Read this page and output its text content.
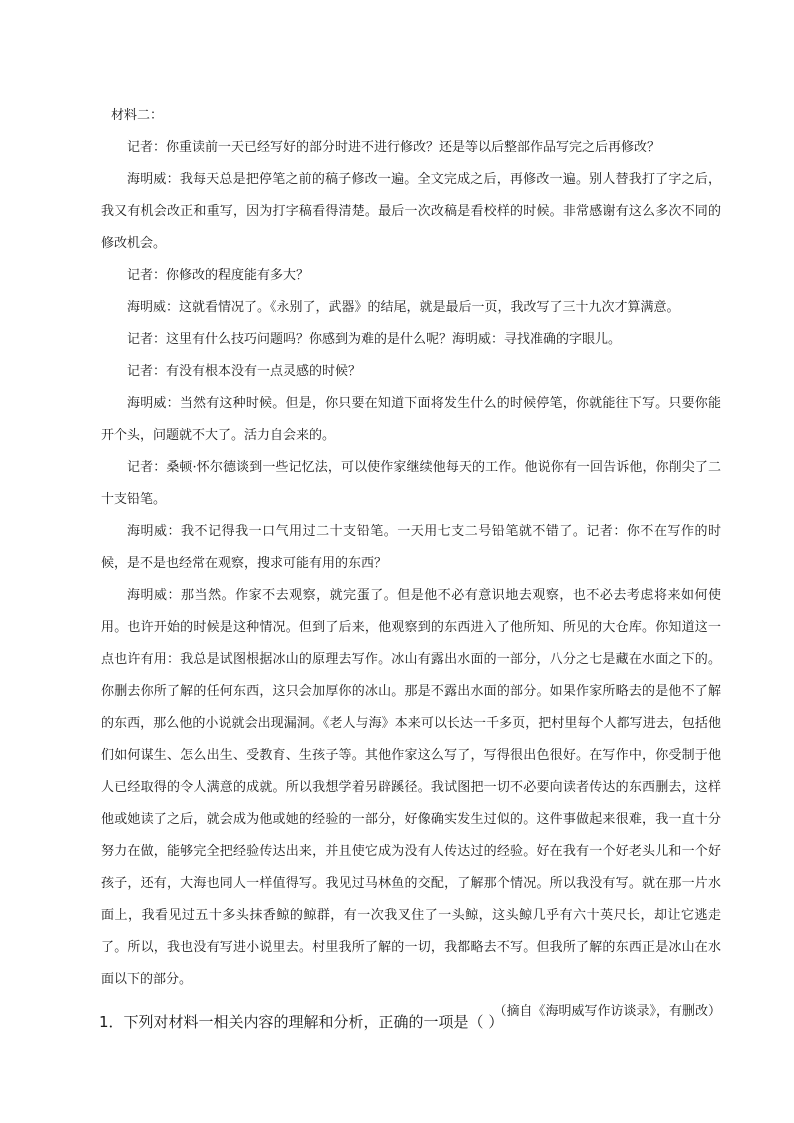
材料二：

记者：你重读前一天已经写好的部分时进不进行修改？还是等以后整部作品写完之后再修改？

海明威：我每天总是把停笔之前的稿子修改一遍。全文完成之后，再修改一遍。别人替我打了字之后，我又有机会改正和重写，因为打字稿看得清楚。最后一次改稿是看校样的时候。非常感谢有这么多次不同的修改机会。

记者：你修改的程度能有多大？

海明威：这就看情况了。《永别了，武器》的结尾，就是最后一页，我改写了三十九次才算满意。

记者：这里有什么技巧问题吗？你感到为难的是什么呢？海明威：寻找准确的字眼儿。

记者：有没有根本没有一点灵感的时候？

海明威：当然有这种时候。但是，你只要在知道下面将发生什么的时候停笔，你就能往下写。只要你能开个头，问题就不大了。活力自会来的。

记者：桑顿·怀尔德谈到一些记忆法，可以使作家继续他每天的工作。他说你有一回告诉他，你削尖了二十支铅笔。

海明威：我不记得我一口气用过二十支铅笔。一天用七支二号铅笔就不错了。记者：你不在写作的时候，是不是也经常在观察，搜求可能有用的东西？

海明威：那当然。作家不去观察，就完蛋了。但是他不必有意识地去观察，也不必去考虑将来如何使用。也许开始的时候是这种情况。但到了后来，他观察到的东西进入了他所知、所见的大仓库。你知道这一点也许有用：我总是试图根据冰山的原理去写作。冰山有露出水面的一部分，八分之七是藏在水面之下的。你删去你所了解的任何东西，这只会加厚你的冰山。那是不露出水面的部分。如果作家所略去的是他不了解的东西，那么他的小说就会出现漏洞。《老人与海》本来可以长达一千多页，把村里每个人都写进去，包括他们如何谋生、怎么出生、受教育、生孩子等。其他作家这么写了，写得很出色很好。在写作中，你受制于他人已经取得的令人满意的成就。所以我想学着另辟蹊径。我试图把一切不必要向读者传达的东西删去，这样他或她读了之后，就会成为他或她的经验的一部分，好像确实发生过似的。这件事做起来很难，我一直十分努力在做，能够完全把经验传达出来，并且使它成为没有人传达过的经验。好在我有一个好老头儿和一个好孩子，还有，大海也同人一样值得写。我见过马林鱼的交配，了解那个情况。所以我没有写。就在那一片水面上，我看见过五十多头抹香鲸的鲸群，有一次我叉住了一头鲸，这头鲸几乎有六十英尺长，却让它逃走了。所以，我也没有写进小说里去。村里我所了解的一切，我都略去不写。但我所了解的东西正是冰山在水面以下的部分。

（摘自《海明威写作访谈录》，有删改）

1．下列对材料一相关内容的理解和分析，正确的一项是（ ）
